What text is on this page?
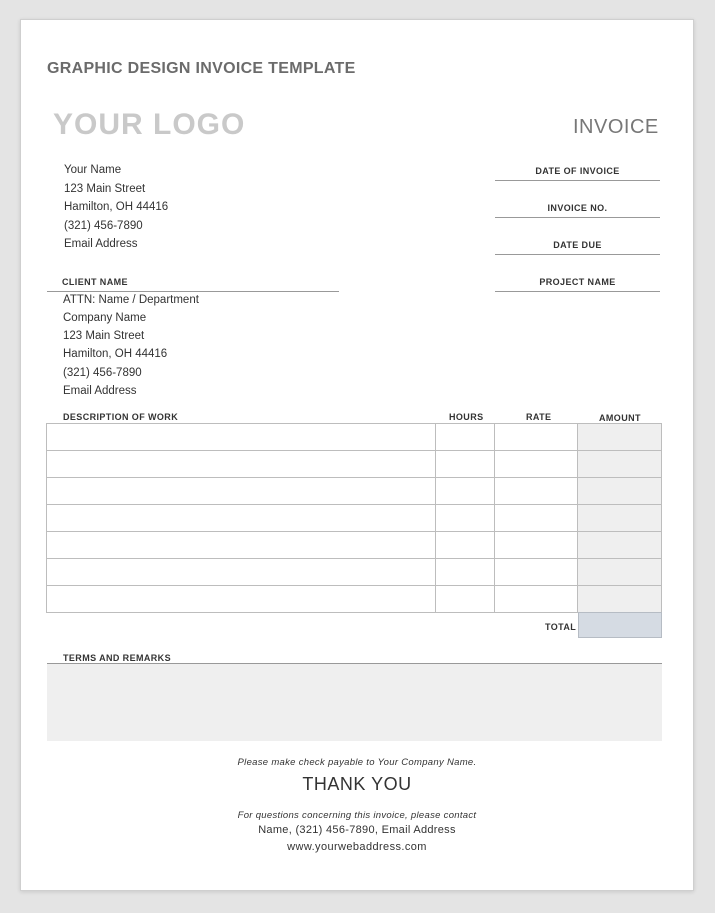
GRAPHIC DESIGN INVOICE TEMPLATE
YOUR LOGO	INVOICE
Your Name
123 Main Street
Hamilton, OH 44416
(321) 456-7890
Email Address
DATE OF INVOICE
INVOICE NO.
DATE DUE
PROJECT NAME
CLIENT NAME
ATTN: Name / Department
Company Name
123 Main Street
Hamilton, OH 44416
(321) 456-7890
Email Address
DESCRIPTION OF WORK	HOURS	RATE	AMOUNT

TOTAL
TERMS AND REMARKS
Please make check payable to Your Company Name.
THANK YOU
For questions concerning this invoice, please contact
Name, (321) 456-7890, Email Address
www.yourwebaddress.com
